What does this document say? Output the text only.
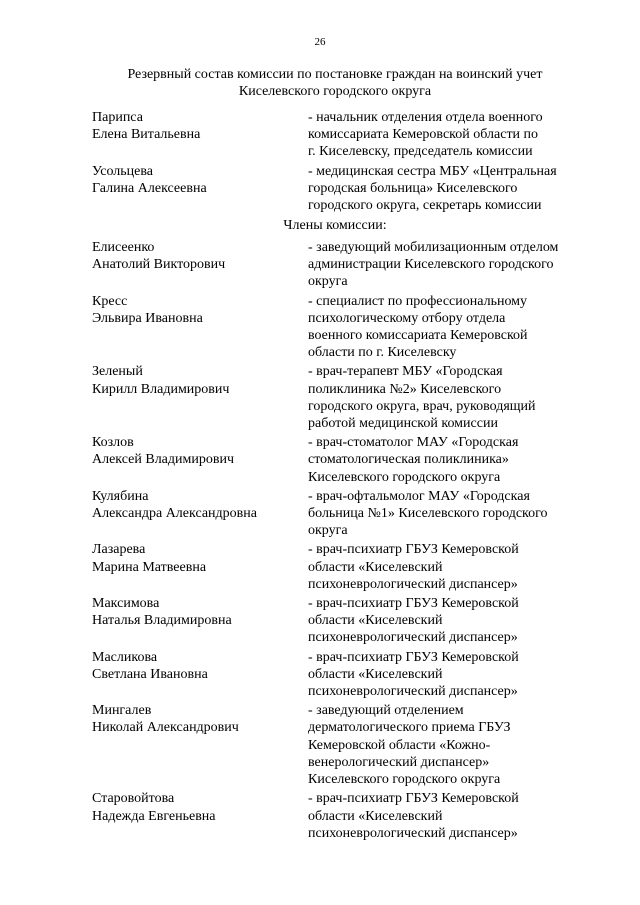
26
Резервный состав комиссии по постановке граждан на воинский учет
Киселевского городского округа
Парипса
Елена Витальевна
- начальник отделения отдела военного
комиссариата Кемеровской области по
г. Киселевску, председатель комиссии
Усольцева
Галина Алексеевна
- медицинская сестра МБУ «Центральная
городская больница» Киселевского
городского округа, секретарь комиссии
Члены комиссии:
Елисеенко
Анатолий Викторович
- заведующий мобилизационным отделом
администрации Киселевского городского
округа
Кресс
Эльвира Ивановна
- специалист по профессиональному
психологическому отбору отдела
военного комиссариата Кемеровской
области по г. Киселевску
Зеленый
Кирилл Владимирович
- врач-терапевт МБУ «Городская
поликлиника №2» Киселевского
городского округа, врач, руководящий
работой медицинской комиссии
Козлов
Алексей Владимирович
- врач-стоматолог МАУ «Городская
стоматологическая поликлиника»
Киселевского городского округа
Кулябина
Александра Александровна
- врач-офтальмолог МАУ «Городская
больница №1» Киселевского городского
округа
Лазарева
Марина Матвеевна
- врач-психиатр ГБУЗ Кемеровской
области «Киселевский
психоневрологический диспансер»
Максимова
Наталья Владимировна
- врач-психиатр ГБУЗ Кемеровской
области «Киселевский
психоневрологический диспансер»
Масликова
Светлана Ивановна
- врач-психиатр ГБУЗ Кемеровской
области «Киселевский
психоневрологический диспансер»
Мингалев
Николай Александрович
- заведующий отделением
дерматологического приема ГБУЗ
Кемеровской области «Кожно-
венерологический диспансер»
Киселевского городского округа
Старовойтова
Надежда Евгеньевна
- врач-психиатр ГБУЗ Кемеровской
области «Киселевский
психоневрологический диспансер»
